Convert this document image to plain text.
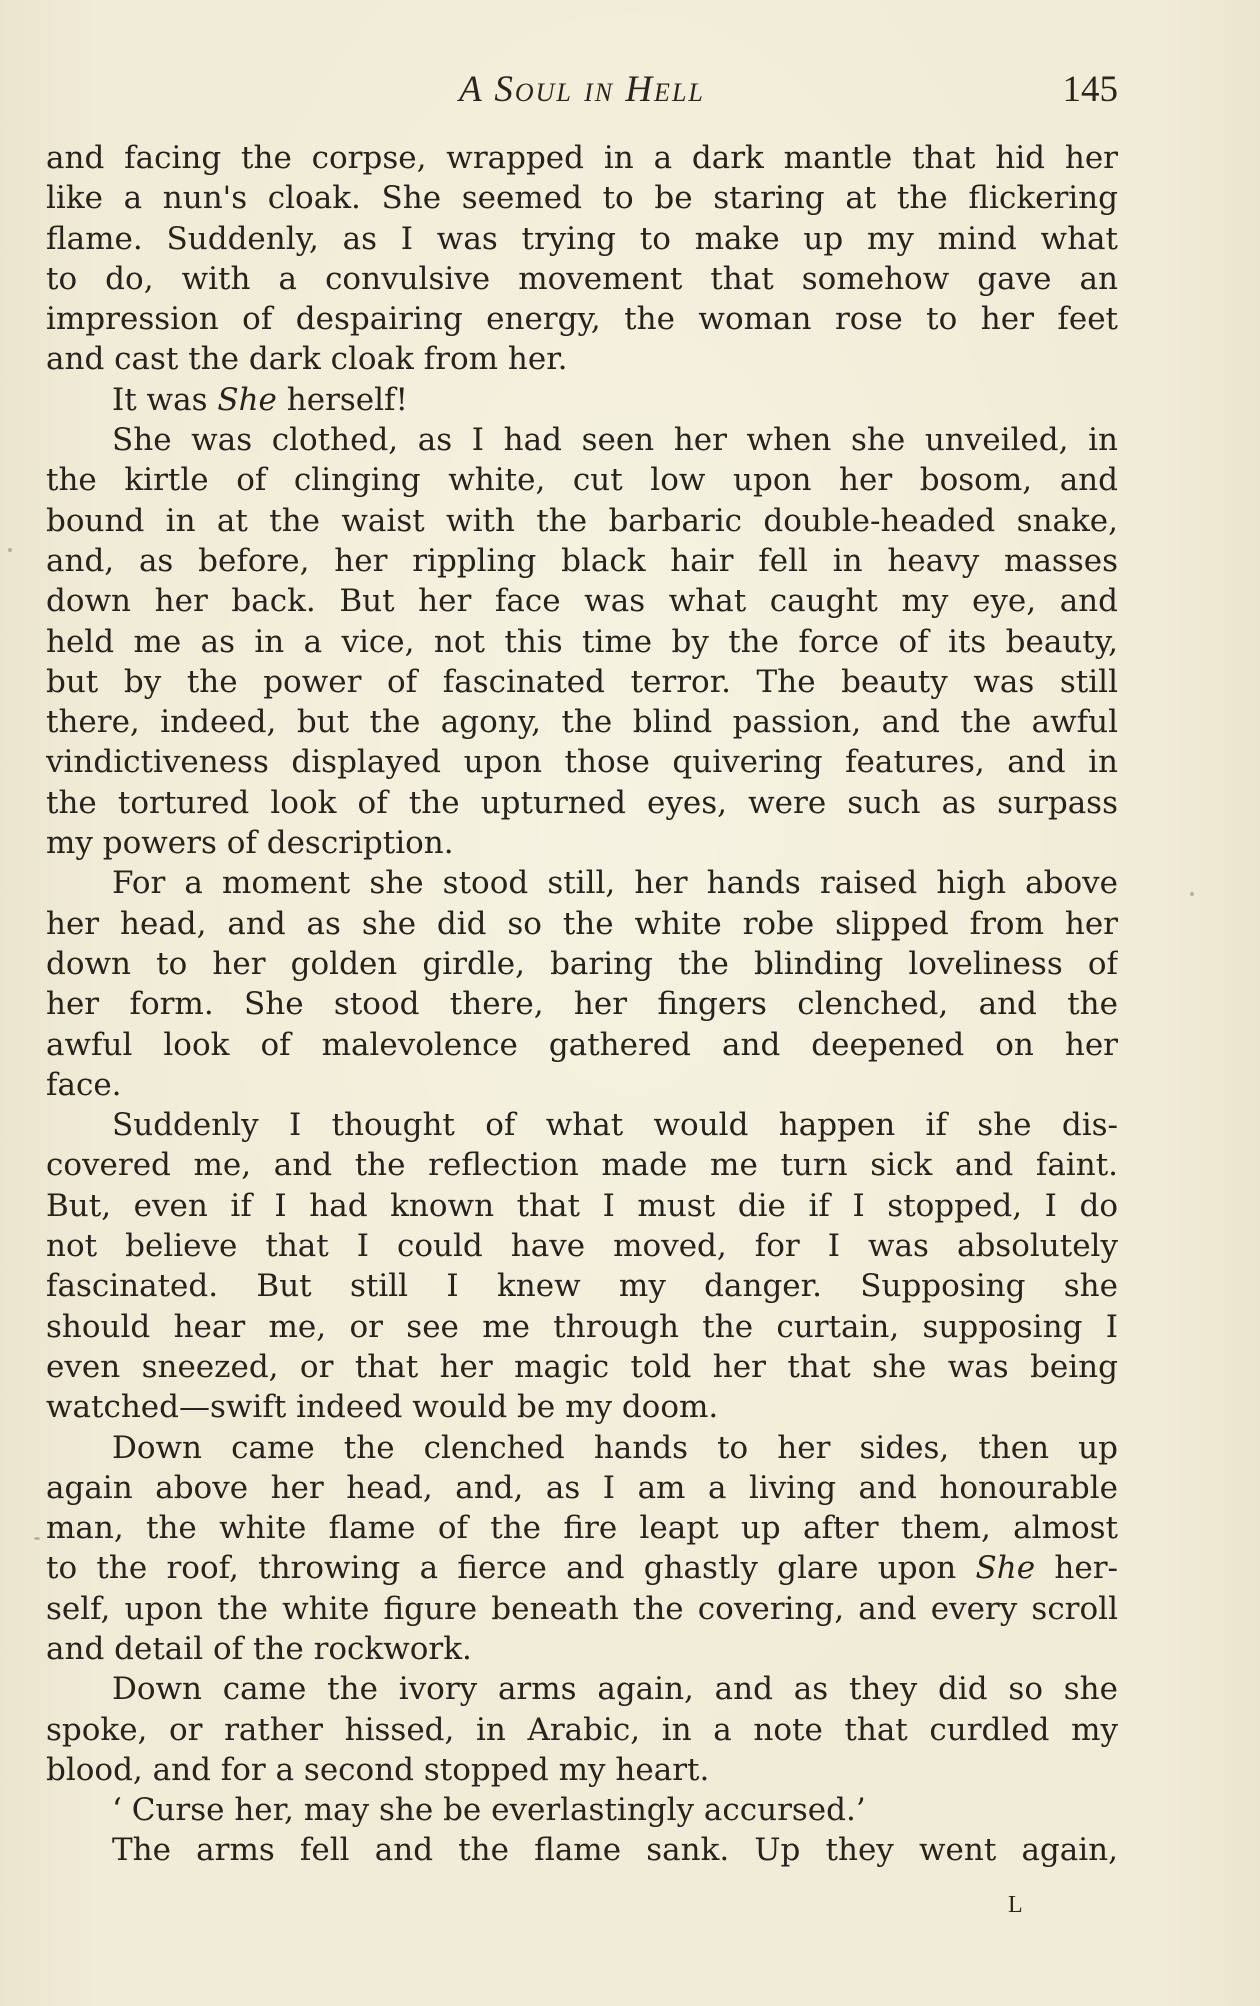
A Soul in Hell	145
and facing the corpse, wrapped in a dark mantle that hid her
like a nun's cloak. She seemed to be staring at the flickering
flame. Suddenly, as I was trying to make up my mind what
to do, with a convulsive movement that somehow gave an
impression of despairing energy, the woman rose to her feet
and cast the dark cloak from her.
It was She herself!
She was clothed, as I had seen her when she unveiled, in
the kirtle of clinging white, cut low upon her bosom, and
bound in at the waist with the barbaric double-headed snake,
and, as before, her rippling black hair fell in heavy masses
down her back. But her face was what caught my eye, and
held me as in a vice, not this time by the force of its beauty,
but by the power of fascinated terror. The beauty was still
there, indeed, but the agony, the blind passion, and the awful
vindictiveness displayed upon those quivering features, and in
the tortured look of the upturned eyes, were such as surpass
my powers of description.
For a moment she stood still, her hands raised high above
her head, and as she did so the white robe slipped from her
down to her golden girdle, baring the blinding loveliness of
her form. She stood there, her fingers clenched, and the
awful look of malevolence gathered and deepened on her
face.
Suddenly I thought of what would happen if she dis-
covered me, and the reflection made me turn sick and faint.
But, even if I had known that I must die if I stopped, I do
not believe that I could have moved, for I was absolutely
fascinated. But still I knew my danger. Supposing she
should hear me, or see me through the curtain, supposing I
even sneezed, or that her magic told her that she was being
watched—swift indeed would be my doom.
Down came the clenched hands to her sides, then up
again above her head, and, as I am a living and honourable
man, the white flame of the fire leapt up after them, almost
to the roof, throwing a fierce and ghastly glare upon She her-
self, upon the white figure beneath the covering, and every scroll
and detail of the rockwork.
Down came the ivory arms again, and as they did so she
spoke, or rather hissed, in Arabic, in a note that curdled my
blood, and for a second stopped my heart.
‘ Curse her, may she be everlastingly accursed.’
The arms fell and the flame sank. Up they went again,
L
